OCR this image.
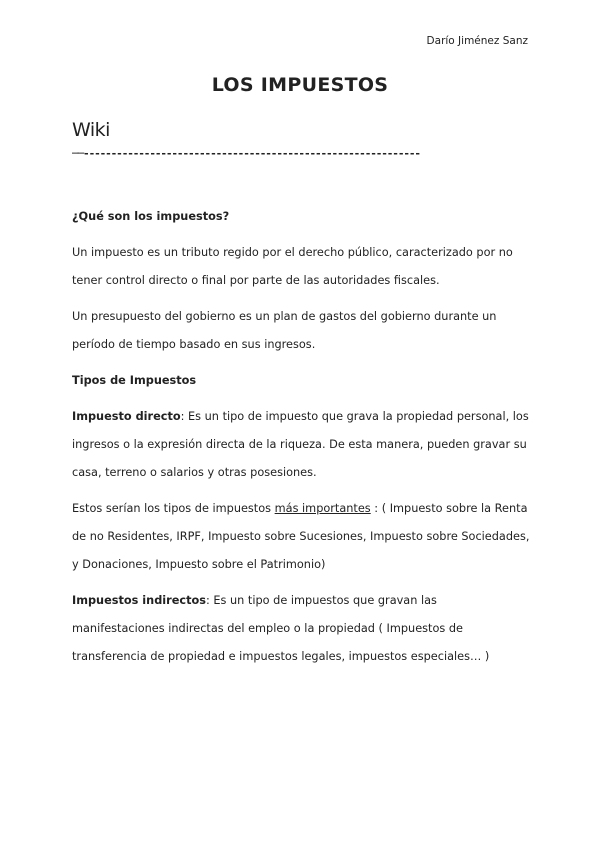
Darío Jiménez Sanz
LOS IMPUESTOS
Wiki
──-------------------------------------------------------------

¿Qué son los impuestos?

Un impuesto es un tributo regido por el derecho público, caracterizado por no tener control directo o final por parte de las autoridades fiscales.

Un presupuesto del gobierno es un plan de gastos del gobierno durante un período de tiempo basado en sus ingresos.

Tipos de Impuestos

Impuesto directo: Es un tipo de impuesto que grava la propiedad personal, los ingresos o la expresión directa de la riqueza. De esta manera, pueden gravar su casa, terreno o salarios y otras posesiones.

Estos serían los tipos de impuestos más importantes : ( Impuesto sobre la Renta de no Residentes, IRPF, Impuesto sobre Sucesiones, Impuesto sobre Sociedades, y Donaciones, Impuesto sobre el Patrimonio)

Impuestos indirectos: Es un tipo de impuestos que gravan las manifestaciones indirectas del empleo o la propiedad ( Impuestos de transferencia de propiedad e impuestos legales, impuestos especiales… )
